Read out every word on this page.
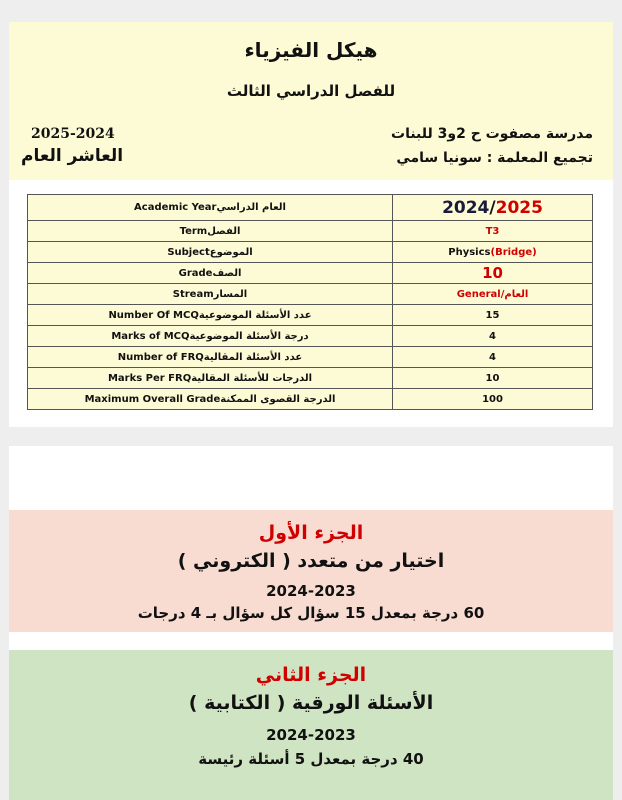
هيكل الفيزياء
للفصل الدراسي الثالث
مدرسة مصفوت ح 2و3 للبنات
تجميع المعلمة : سونيا سامي
2025-2024
العاشر العام
Academic Yearالعام الدراسي	2024/2025
Termالفصل	T3
Subjectالموضوع	Physics(Bridge)
Gradeالصف	10
Streamالمسار	General/العام
Number Of MCQعدد الأسئلة الموضوعية	15
Marks of MCQدرجة الأسئلة الموضوعية	4
Number of FRQعدد الأسئلة المقالية	4
Marks Per FRQالدرجات للأسئلة المقالية	10
Maximum Overall Gradeالدرجة القصوى الممكنة	100
الجزء الأول
اختيار من متعدد ( الكتروني )
2024-2023
60 درجة بمعدل 15 سؤال كل سؤال بـ 4 درجات
الجزء الثاني
الأسئلة الورقية ( الكتابية )
2024-2023
40 درجة بمعدل 5 أسئلة رئيسة
